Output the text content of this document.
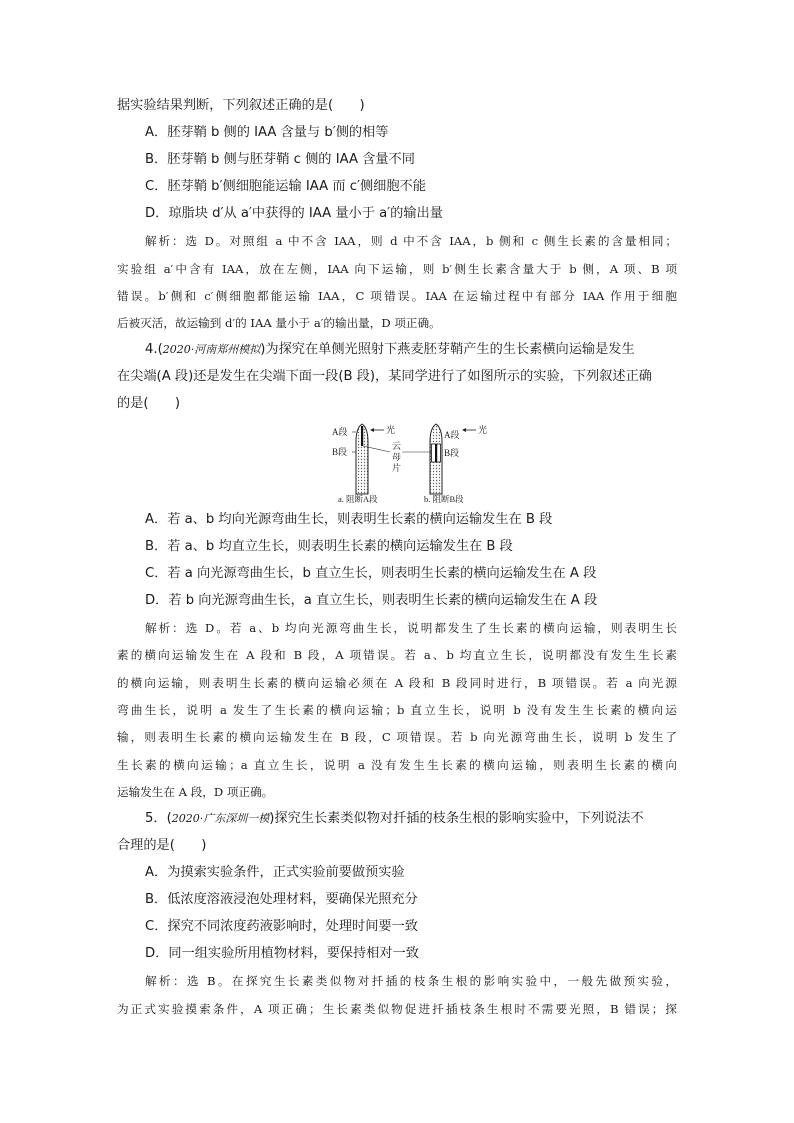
据实验结果判断，下列叙述正确的是(　　)
A．胚芽鞘 b 侧的 IAA 含量与 b′侧的相等
B．胚芽鞘 b 侧与胚芽鞘 c 侧的 IAA 含量不同
C．胚芽鞘 b′侧细胞能运输 IAA 而 c′侧细胞不能
D．琼脂块 d′从 a′中获得的 IAA 量小于 a′的输出量
解析：选 D。对照组 a 中不含 IAA，则 d 中不含 IAA，b 侧和 c 侧生长素的含量相同；
实验组 a′中含有 IAA，放在左侧，IAA 向下运输，则 b′侧生长素含量大于 b 侧，A 项、B 项
错误。b′侧和 c′侧细胞都能运输 IAA，C 项错误。IAA 在运输过程中有部分 IAA 作用于细胞
后被灭活，故运输到 d′的 IAA 量小于 a′的输出量，D 项正确。
4.(2020·河南郑州模拟)为探究在单侧光照射下燕麦胚芽鞘产生的生长素横向运输是发生
在尖端(A 段)还是发生在尖端下面一段(B 段)，某同学进行了如图所示的实验，下列叙述正确
的是(　　)
A段
B段
A段
B段
光	光
云
母
片
a. 阻断A段	b. 阻断B段
A．若 a、b 均向光源弯曲生长，则表明生长素的横向运输发生在 B 段
B．若 a、b 均直立生长，则表明生长素的横向运输发生在 B 段
C．若 a 向光源弯曲生长，b 直立生长，则表明生长素的横向运输发生在 A 段
D．若 b 向光源弯曲生长，a 直立生长，则表明生长素的横向运输发生在 A 段
解析：选 D。若 a、b 均向光源弯曲生长，说明都发生了生长素的横向运输，则表明生长
素的横向运输发生在 A 段和 B 段，A 项错误。若 a、b 均直立生长，说明都没有发生生长素
的横向运输，则表明生长素的横向运输必须在 A 段和 B 段同时进行，B 项错误。若 a 向光源
弯曲生长，说明 a 发生了生长素的横向运输；b 直立生长，说明 b 没有发生生长素的横向运
输，则表明生长素的横向运输发生在 B 段，C 项错误。若 b 向光源弯曲生长，说明 b 发生了
生长素的横向运输；a 直立生长，说明 a 没有发生生长素的横向运输，则表明生长素的横向
运输发生在 A 段，D 项正确。
5．(2020·广东深圳一模)探究生长素类似物对扦插的枝条生根的影响实验中，下列说法不
合理的是(　　)
A．为摸索实验条件，正式实验前要做预实验
B．低浓度溶液浸泡处理材料，要确保光照充分
C．探究不同浓度药液影响时，处理时间要一致
D．同一组实验所用植物材料，要保持相对一致
解析：选 B。在探究生长素类似物对扦插的枝条生根的影响实验中，一般先做预实验，
为正式实验摸索条件，A 项正确；生长素类似物促进扦插枝条生根时不需要光照，B 错误；探
